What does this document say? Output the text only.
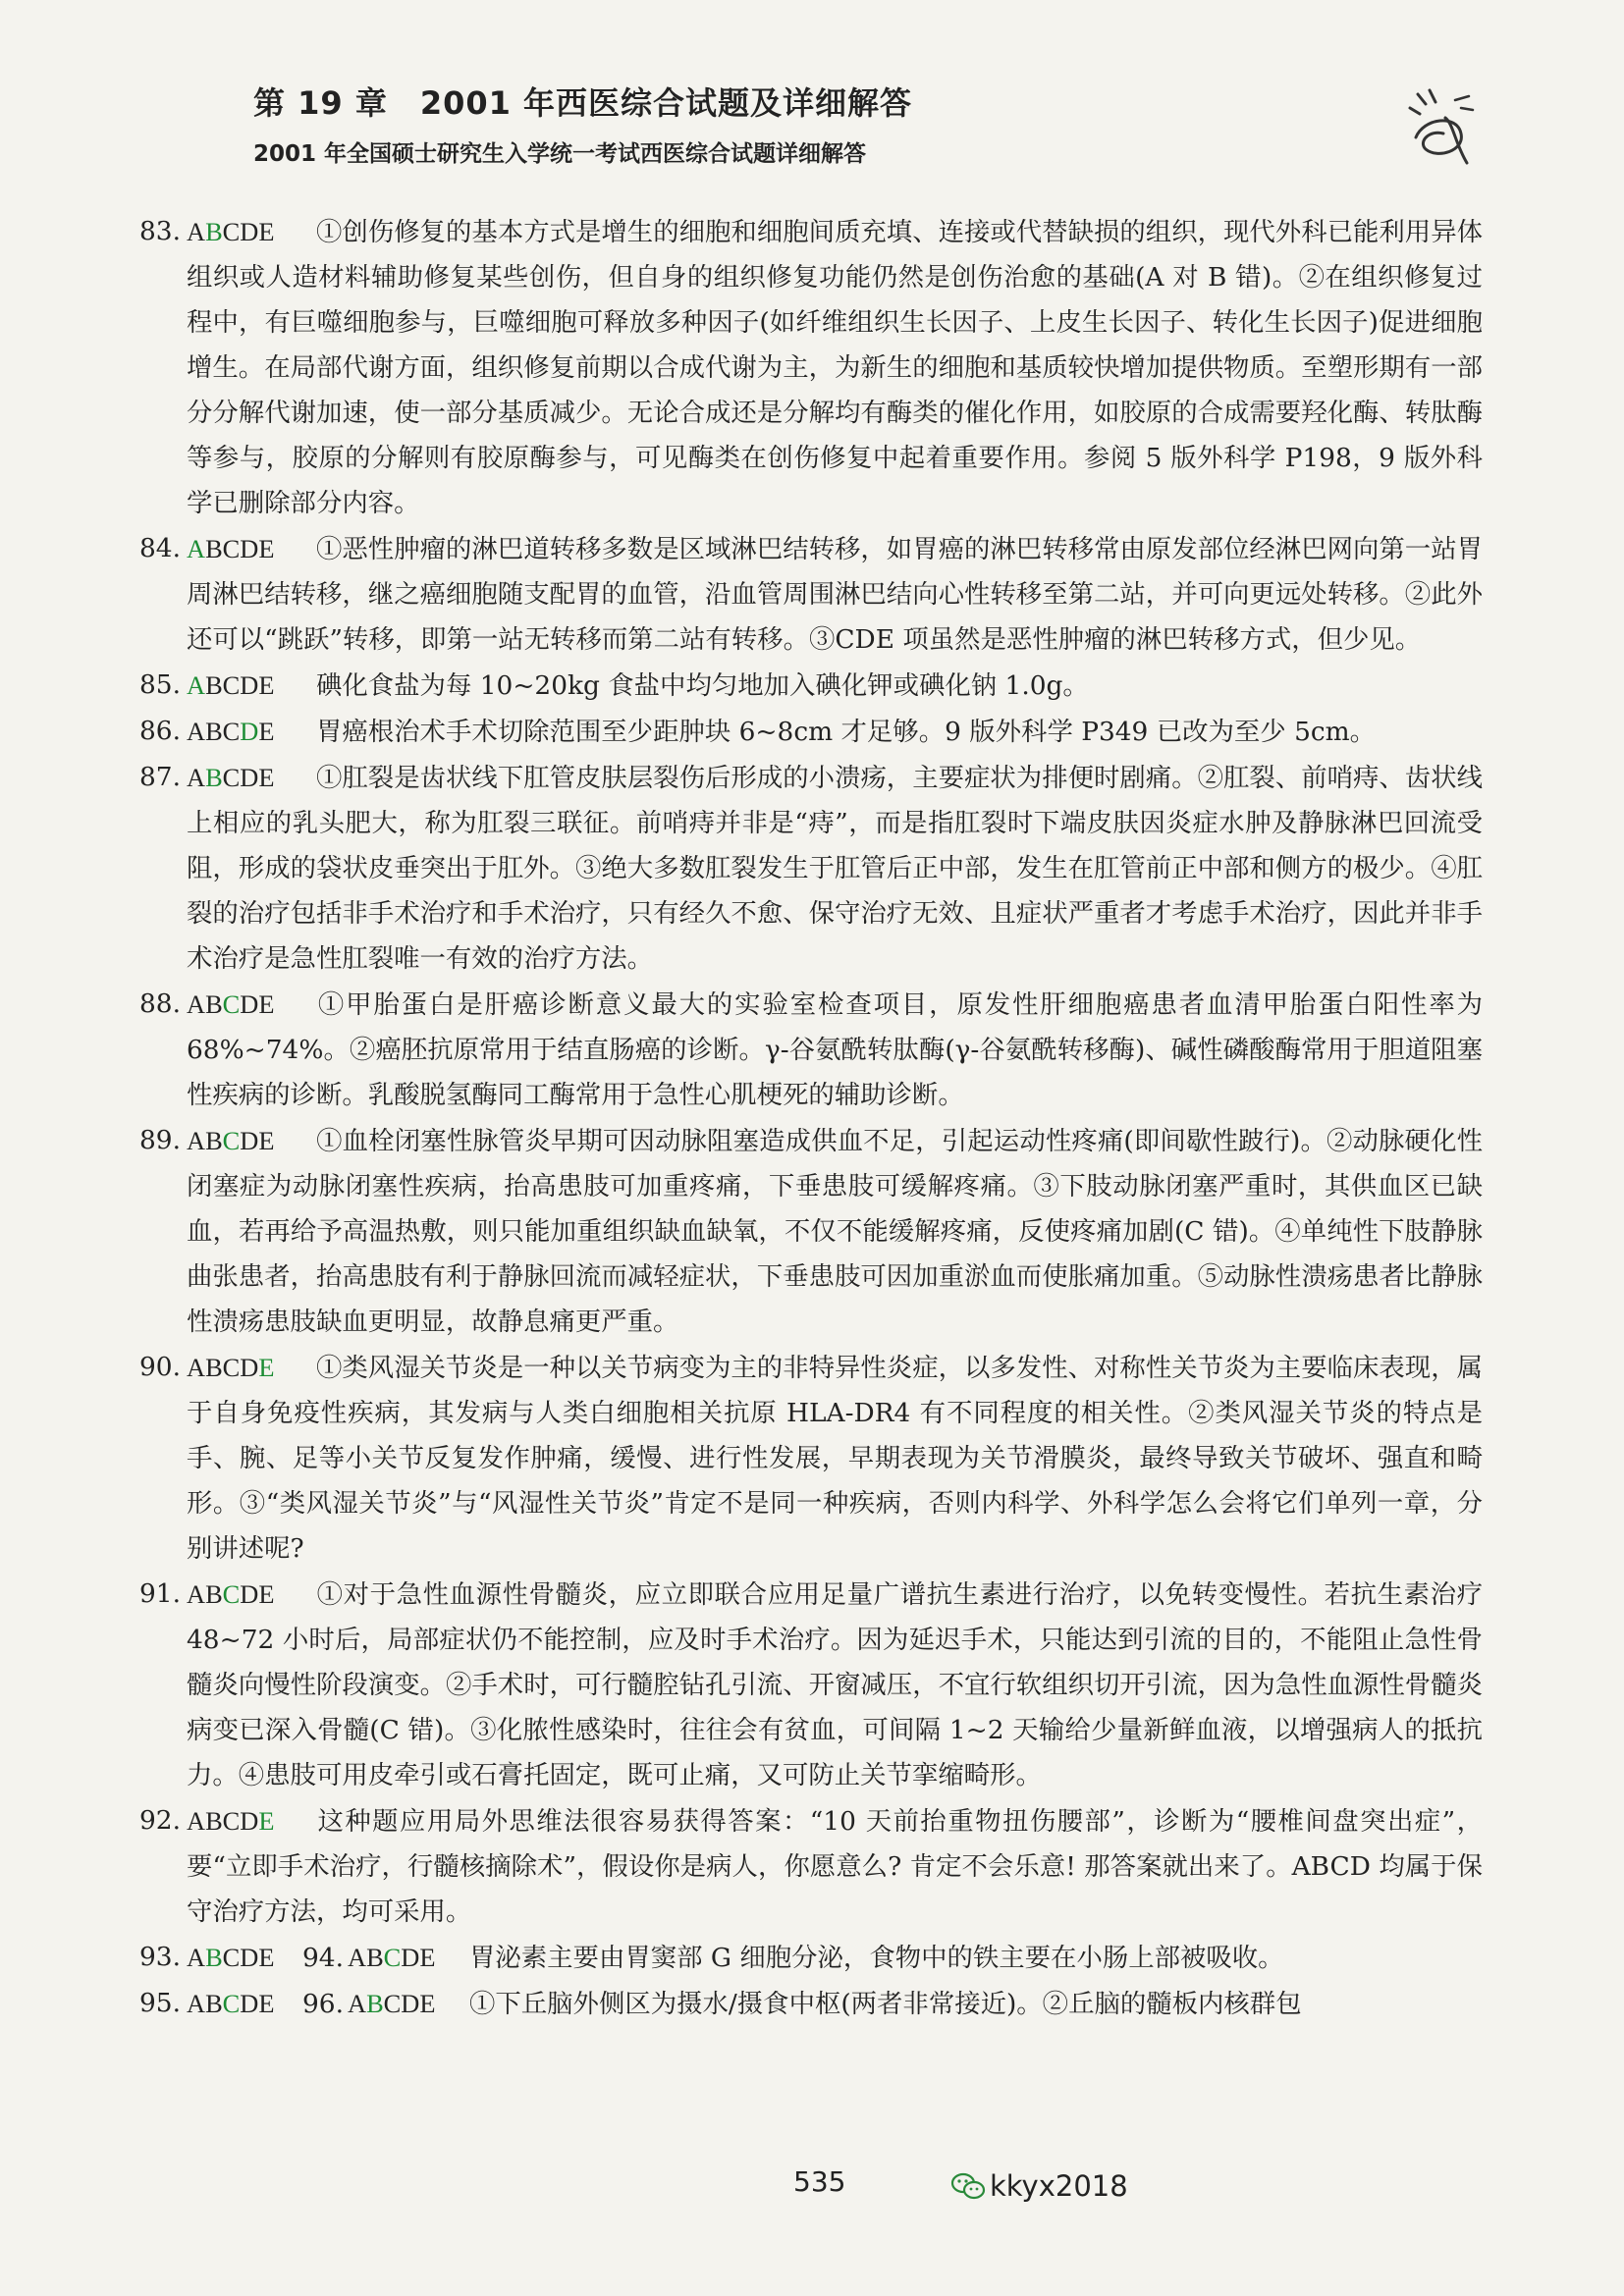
第 19 章　2001 年西医综合试题及详细解答
2001 年全国硕士研究生入学统一考试西医综合试题详细解答
83. ABCDE ①创伤修复的基本方式是增生的细胞和细胞间质充填、连接或代替缺损的组织，现代外科已能利用异体组织或人造材料辅助修复某些创伤，但自身的组织修复功能仍然是创伤治愈的基础(A 对 B 错)。②在组织修复过程中，有巨噬细胞参与，巨噬细胞可释放多种因子(如纤维组织生长因子、上皮生长因子、转化生长因子)促进细胞增生。在局部代谢方面，组织修复前期以合成代谢为主，为新生的细胞和基质较快增加提供物质。至塑形期有一部分分解代谢加速，使一部分基质减少。无论合成还是分解均有酶类的催化作用，如胶原的合成需要羟化酶、转肽酶等参与，胶原的分解则有胶原酶参与，可见酶类在创伤修复中起着重要作用。参阅 5 版外科学 P198，9 版外科学已删除部分内容。
84. ABCDE ①恶性肿瘤的淋巴道转移多数是区域淋巴结转移，如胃癌的淋巴转移常由原发部位经淋巴网向第一站胃周淋巴结转移，继之癌细胞随支配胃的血管，沿血管周围淋巴结向心性转移至第二站，并可向更远处转移。②此外还可以“跳跃”转移，即第一站无转移而第二站有转移。③CDE 项虽然是恶性肿瘤的淋巴转移方式，但少见。
85. ABCDE 碘化食盐为每 10~20kg 食盐中均匀地加入碘化钾或碘化钠 1.0g。
86. ABCDE 胃癌根治术手术切除范围至少距肿块 6~8cm 才足够。9 版外科学 P349 已改为至少 5cm。
87. ABCDE ①肛裂是齿状线下肛管皮肤层裂伤后形成的小溃疡，主要症状为排便时剧痛。②肛裂、前哨痔、齿状线上相应的乳头肥大，称为肛裂三联征。前哨痔并非是“痔”，而是指肛裂时下端皮肤因炎症水肿及静脉淋巴回流受阻，形成的袋状皮垂突出于肛外。③绝大多数肛裂发生于肛管后正中部，发生在肛管前正中部和侧方的极少。④肛裂的治疗包括非手术治疗和手术治疗，只有经久不愈、保守治疗无效、且症状严重者才考虑手术治疗，因此并非手术治疗是急性肛裂唯一有效的治疗方法。
88. ABCDE ①甲胎蛋白是肝癌诊断意义最大的实验室检查项目，原发性肝细胞癌患者血清甲胎蛋白阳性率为 68%~74%。②癌胚抗原常用于结直肠癌的诊断。γ-谷氨酰转肽酶(γ-谷氨酰转移酶)、碱性磷酸酶常用于胆道阻塞性疾病的诊断。乳酸脱氢酶同工酶常用于急性心肌梗死的辅助诊断。
89. ABCDE ①血栓闭塞性脉管炎早期可因动脉阻塞造成供血不足，引起运动性疼痛(即间歇性跛行)。②动脉硬化性闭塞症为动脉闭塞性疾病，抬高患肢可加重疼痛，下垂患肢可缓解疼痛。③下肢动脉闭塞严重时，其供血区已缺血，若再给予高温热敷，则只能加重组织缺血缺氧，不仅不能缓解疼痛，反使疼痛加剧(C 错)。④单纯性下肢静脉曲张患者，抬高患肢有利于静脉回流而减轻症状，下垂患肢可因加重淤血而使胀痛加重。⑤动脉性溃疡患者比静脉性溃疡患肢缺血更明显，故静息痛更严重。
90. ABCDE ①类风湿关节炎是一种以关节病变为主的非特异性炎症，以多发性、对称性关节炎为主要临床表现，属于自身免疫性疾病，其发病与人类白细胞相关抗原 HLA-DR4 有不同程度的相关性。②类风湿关节炎的特点是手、腕、足等小关节反复发作肿痛，缓慢、进行性发展，早期表现为关节滑膜炎，最终导致关节破坏、强直和畸形。③“类风湿关节炎”与“风湿性关节炎”肯定不是同一种疾病，否则内科学、外科学怎么会将它们单列一章，分别讲述呢?
91. ABCDE ①对于急性血源性骨髓炎，应立即联合应用足量广谱抗生素进行治疗，以免转变慢性。若抗生素治疗 48~72 小时后，局部症状仍不能控制，应及时手术治疗。因为延迟手术，只能达到引流的目的，不能阻止急性骨髓炎向慢性阶段演变。②手术时，可行髓腔钻孔引流、开窗减压，不宜行软组织切开引流，因为急性血源性骨髓炎病变已深入骨髓(C 错)。③化脓性感染时，往往会有贫血，可间隔 1~2 天输给少量新鲜血液，以增强病人的抵抗力。④患肢可用皮牵引或石膏托固定，既可止痛，又可防止关节挛缩畸形。
92. ABCDE 这种题应用局外思维法很容易获得答案：“10 天前抬重物扭伤腰部”，诊断为“腰椎间盘突出症”，要“立即手术治疗，行髓核摘除术”，假设你是病人，你愿意么? 肯定不会乐意! 那答案就出来了。ABCD 均属于保守治疗方法，均可采用。
93. ABCDE 94. ABCDE 胃泌素主要由胃窦部 G 细胞分泌，食物中的铁主要在小肠上部被吸收。
95. ABCDE 96. ABCDE ①下丘脑外侧区为摄水/摄食中枢(两者非常接近)。②丘脑的髓板内核群包
535	kkyx2018
